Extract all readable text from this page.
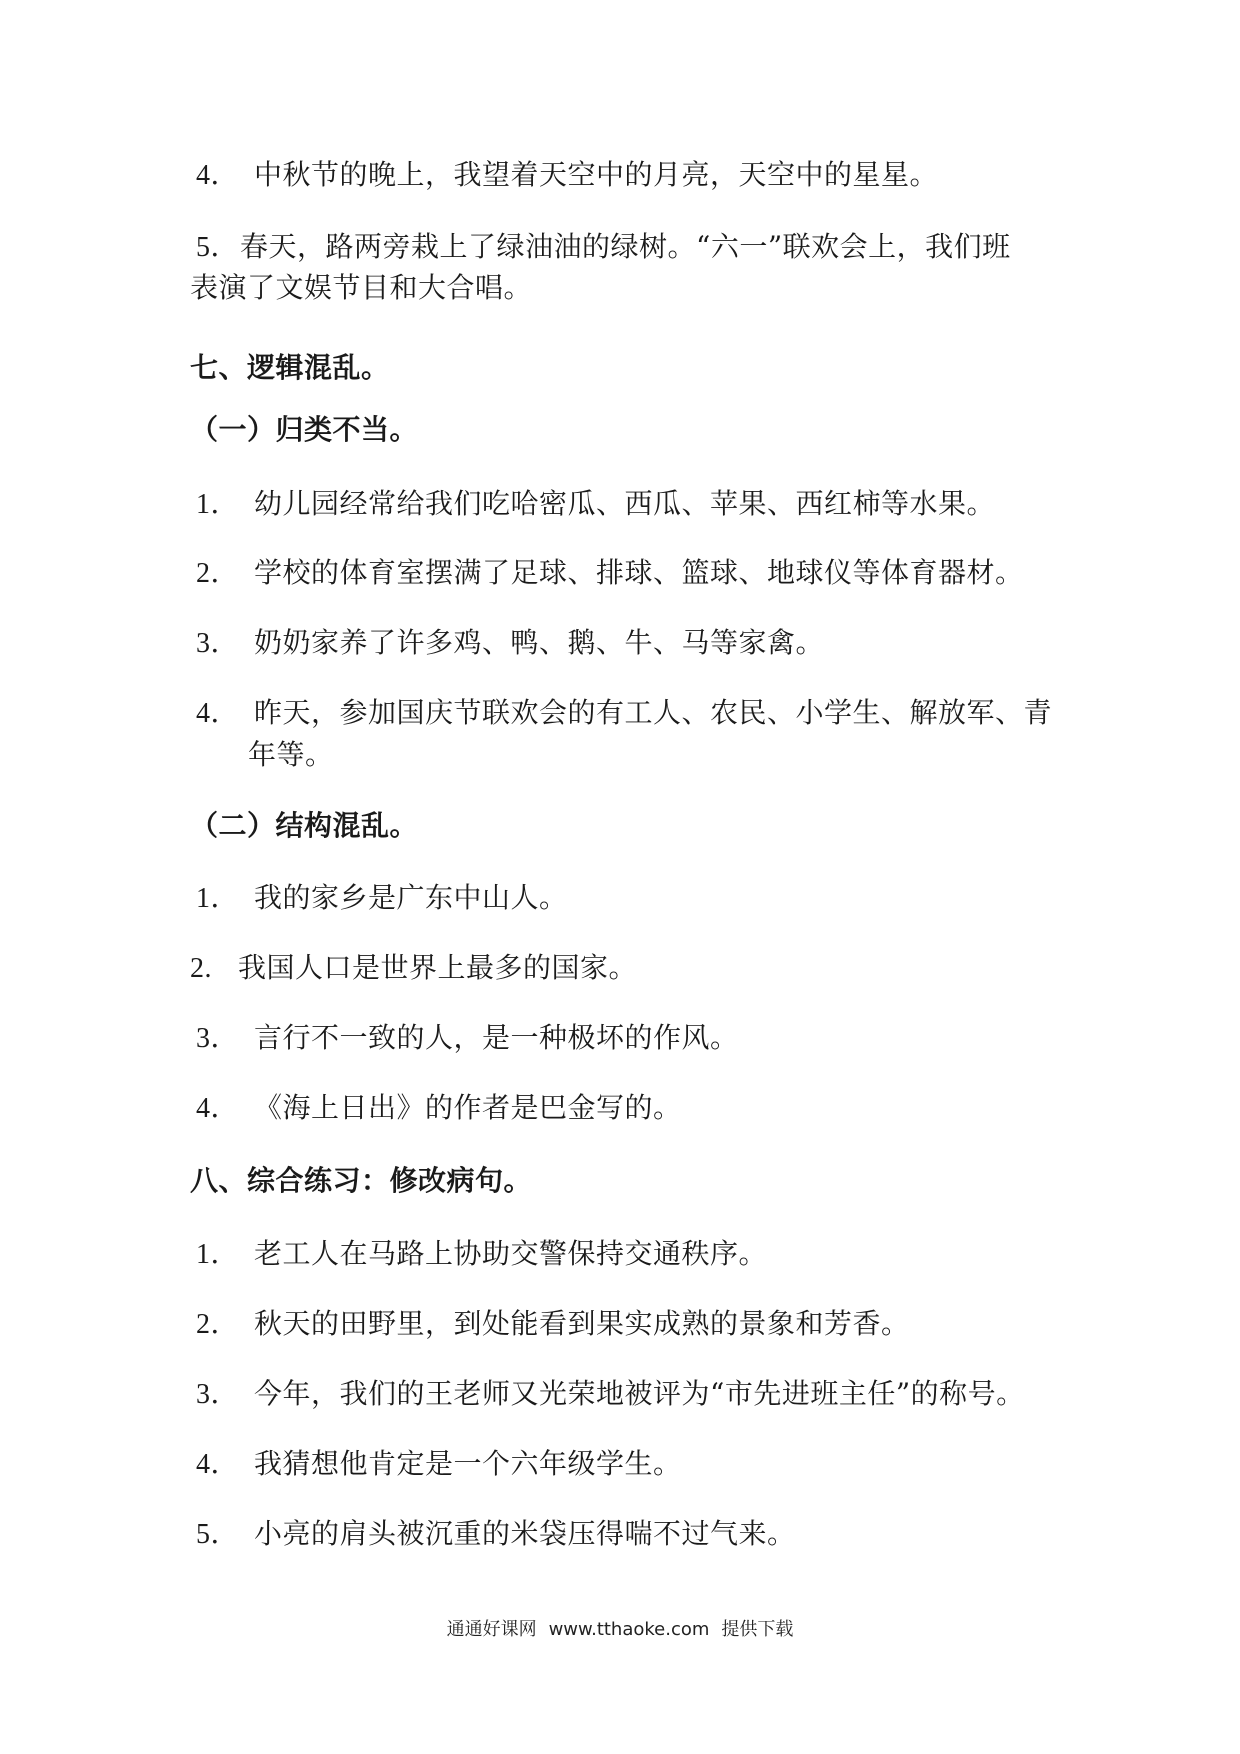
4． 中秋节的晚上，我望着天空中的月亮，天空中的星星。
5．春天，路两旁栽上了绿油油的绿树。“六一”联欢会上，我们班
表演了文娱节目和大合唱。
七、逻辑混乱。
（一）归类不当。
1． 幼儿园经常给我们吃哈密瓜、西瓜、苹果、西红柿等水果。
2． 学校的体育室摆满了足球、排球、篮球、地球仪等体育器材。
3． 奶奶家养了许多鸡、鸭、鹅、牛、马等家禽。
4． 昨天，参加国庆节联欢会的有工人、农民、小学生、解放军、青
年等。
（二）结构混乱。
1． 我的家乡是广东中山人。
2. 我国人口是世界上最多的国家。
3． 言行不一致的人，是一种极坏的作风。
4． 《海上日出》的作者是巴金写的。
八、综合练习：修改病句。
1． 老工人在马路上协助交警保持交通秩序。
2． 秋天的田野里，到处能看到果实成熟的景象和芳香。
3． 今年，我们的王老师又光荣地被评为“市先进班主任”的称号。
4． 我猜想他肯定是一个六年级学生。
5． 小亮的肩头被沉重的米袋压得喘不过气来。
通通好课网 www.tthaoke.com 提供下载
